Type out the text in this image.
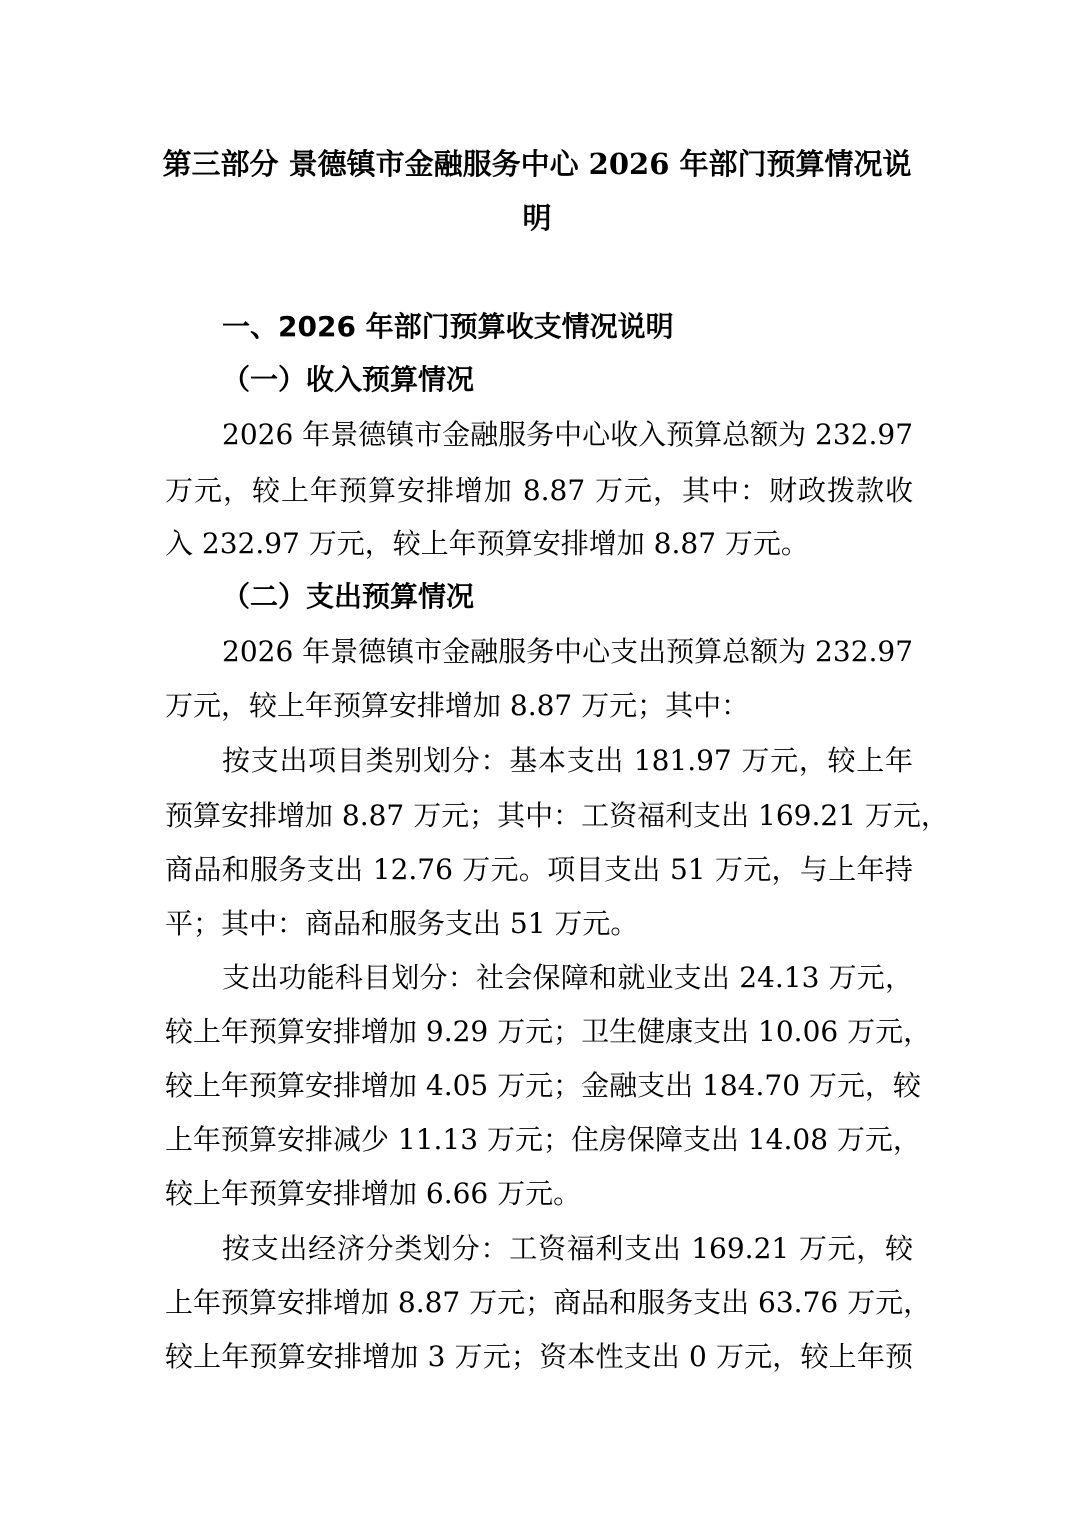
第三部分 景德镇市金融服务中心 2026 年部门预算情况说
明
一、2026 年部门预算收支情况说明
（一）收入预算情况
2026 年景德镇市金融服务中心收入预算总额为 232.97
万元，较上年预算安排增加 8.87 万元，其中：财政拨款收
入 232.97 万元，较上年预算安排增加 8.87 万元。
（二）支出预算情况
2026 年景德镇市金融服务中心支出预算总额为 232.97
万元，较上年预算安排增加 8.87 万元；其中：
按支出项目类别划分：基本支出 181.97 万元，较上年
预算安排增加 8.87 万元；其中：工资福利支出 169.21 万元，
商品和服务支出 12.76 万元。项目支出 51 万元，与上年持
平；其中：商品和服务支出 51 万元。
支出功能科目划分：社会保障和就业支出 24.13 万元，
较上年预算安排增加 9.29 万元；卫生健康支出 10.06 万元，
较上年预算安排增加 4.05 万元；金融支出 184.70 万元，较
上年预算安排减少 11.13 万元；住房保障支出 14.08 万元，
较上年预算安排增加 6.66 万元。
按支出经济分类划分：工资福利支出 169.21 万元，较
上年预算安排增加 8.87 万元；商品和服务支出 63.76 万元，
较上年预算安排增加 3 万元；资本性支出 0 万元，较上年预
